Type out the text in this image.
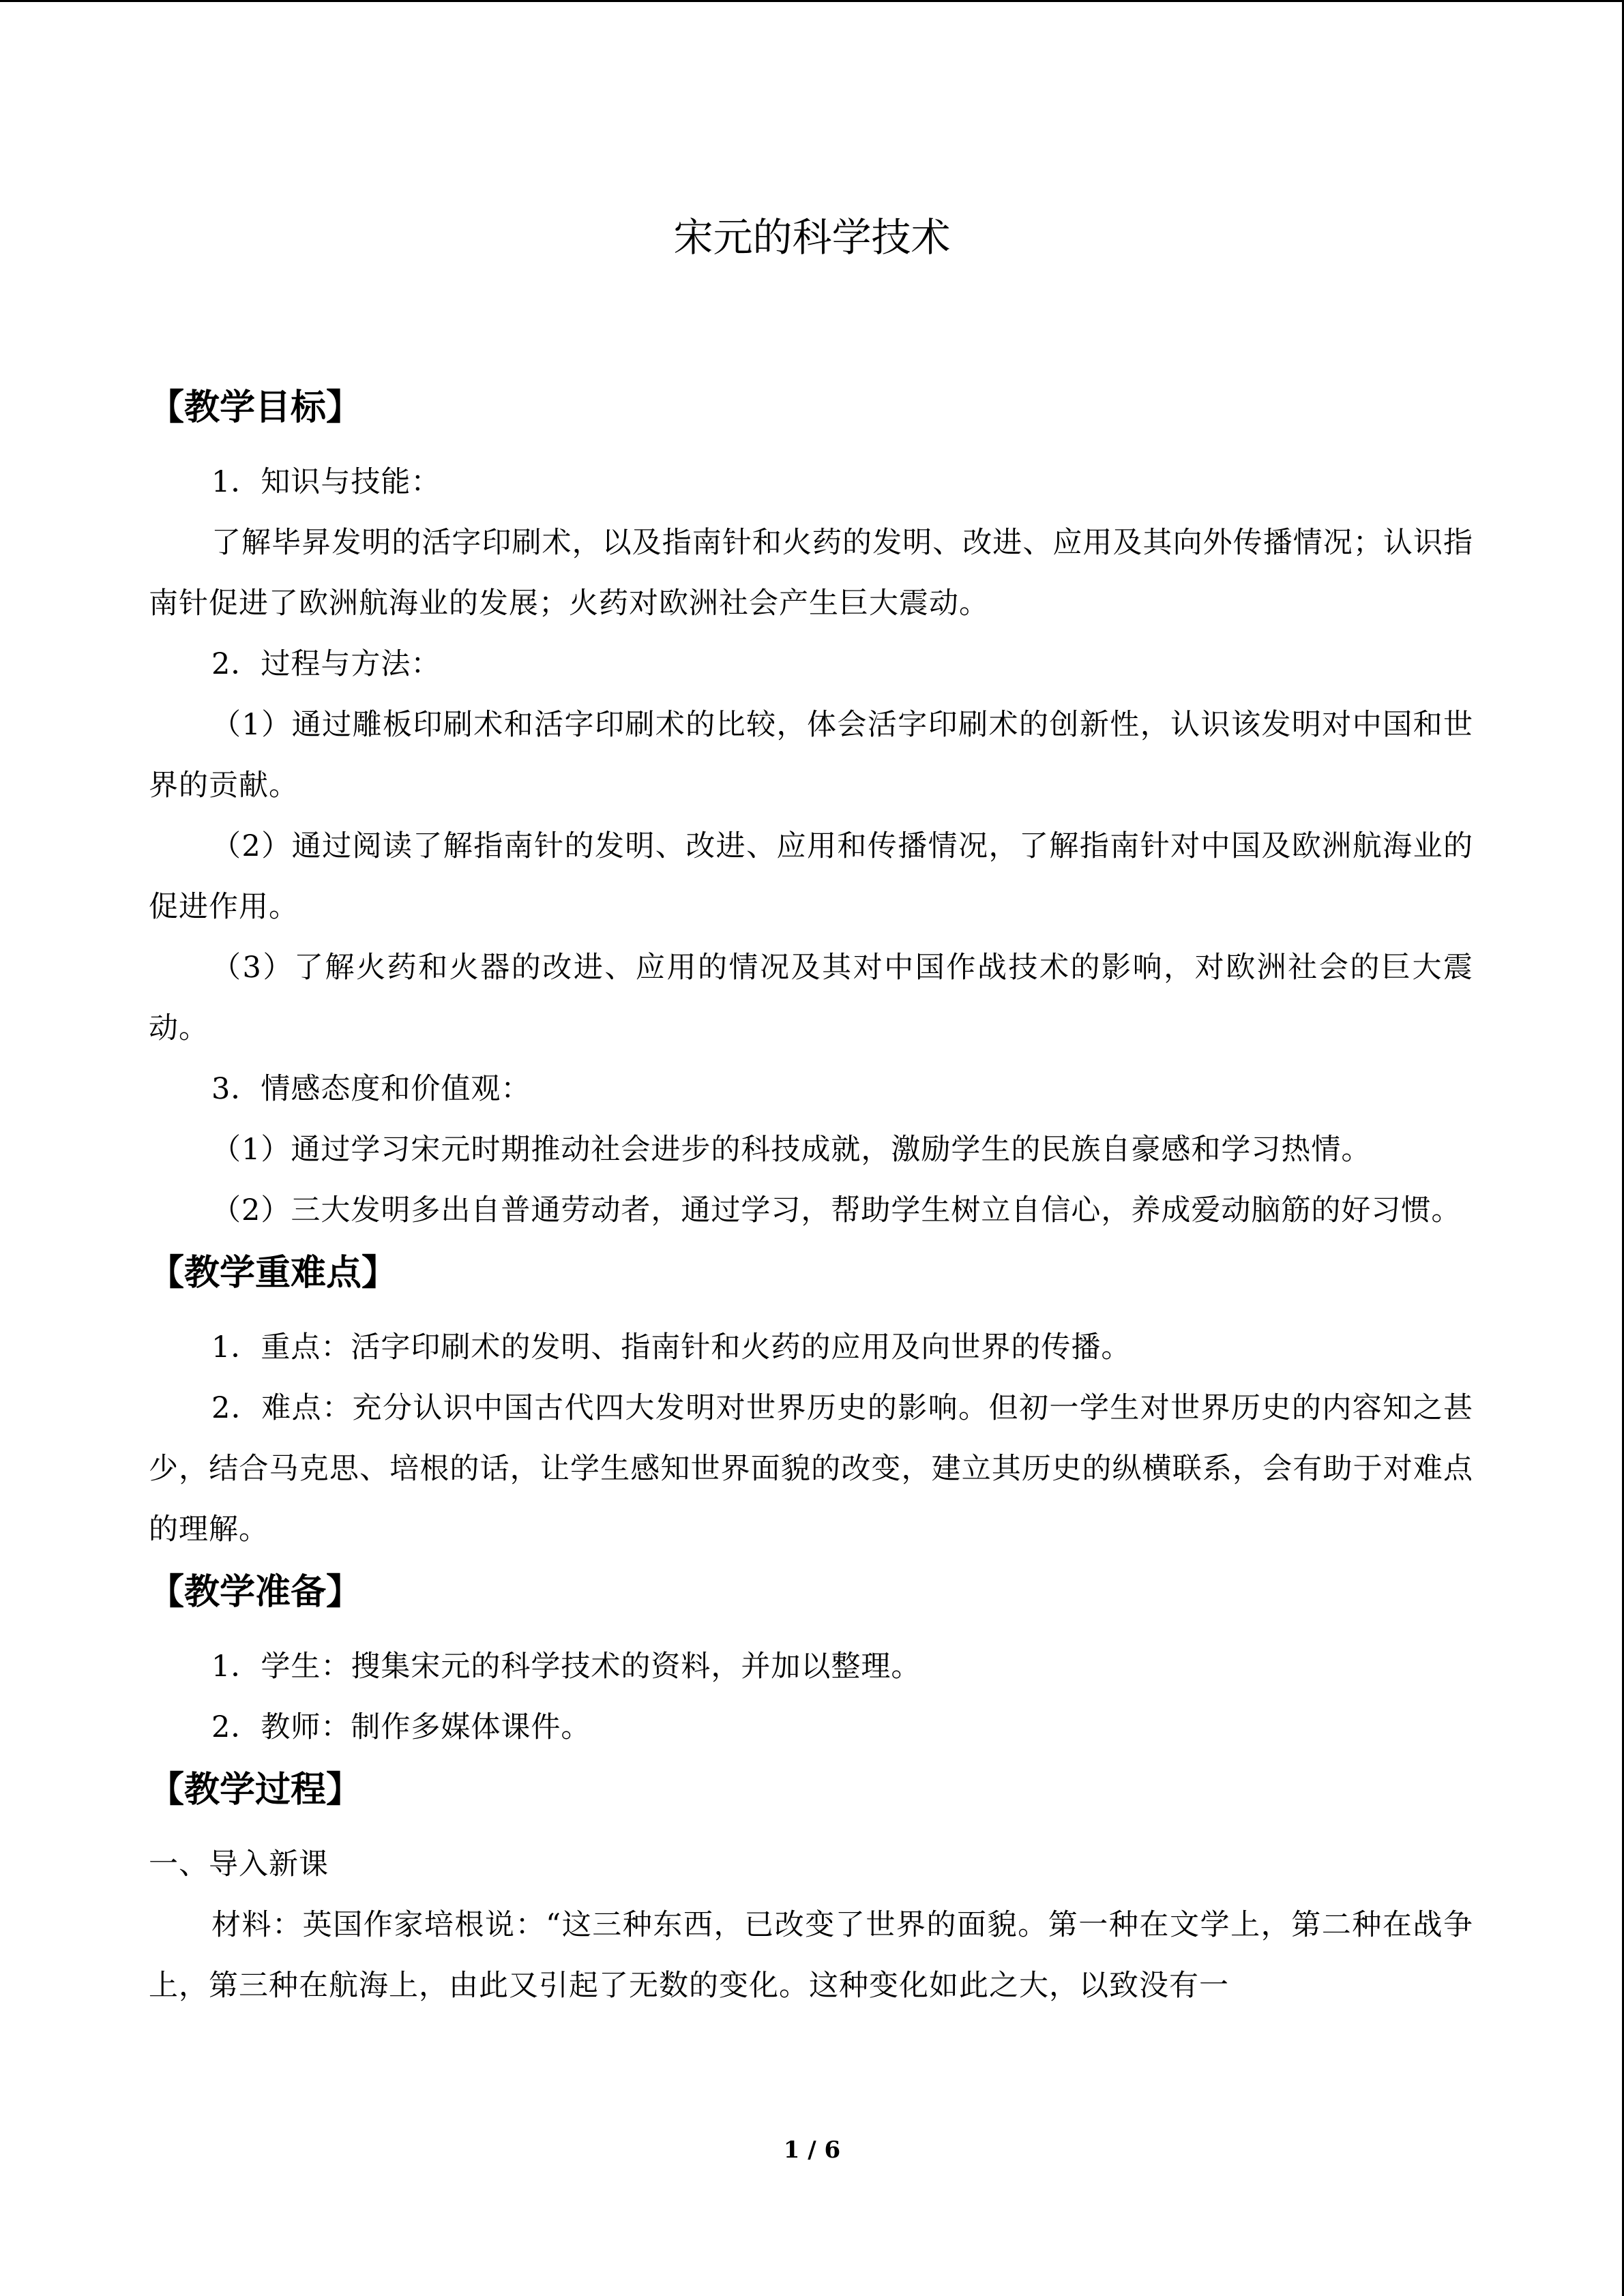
宋元的科学技术
【教学目标】

1．知识与技能：

了解毕昇发明的活字印刷术，以及指南针和火药的发明、改进、应用及其向外传播情况；认识指南针促进了欧洲航海业的发展；火药对欧洲社会产生巨大震动。

2．过程与方法：

（1）通过雕板印刷术和活字印刷术的比较，体会活字印刷术的创新性，认识该发明对中国和世界的贡献。

（2）通过阅读了解指南针的发明、改进、应用和传播情况，了解指南针对中国及欧洲航海业的促进作用。

（3）了解火药和火器的改进、应用的情况及其对中国作战技术的影响，对欧洲社会的巨大震动。

3．情感态度和价值观：

（1）通过学习宋元时期推动社会进步的科技成就，激励学生的民族自豪感和学习热情。

（2）三大发明多出自普通劳动者，通过学习，帮助学生树立自信心，养成爱动脑筋的好习惯。

【教学重难点】

1．重点：活字印刷术的发明、指南针和火药的应用及向世界的传播。

2．难点：充分认识中国古代四大发明对世界历史的影响。但初一学生对世界历史的内容知之甚少，结合马克思、培根的话，让学生感知世界面貌的改变，建立其历史的纵横联系，会有助于对难点的理解。

【教学准备】

1．学生：搜集宋元的科学技术的资料，并加以整理。

2．教师：制作多媒体课件。

【教学过程】

一、导入新课

材料：英国作家培根说：“这三种东西，已改变了世界的面貌。第一种在文学上，第二种在战争上，第三种在航海上，由此又引起了无数的变化。这种变化如此之大，以致没有一

1 / 6
